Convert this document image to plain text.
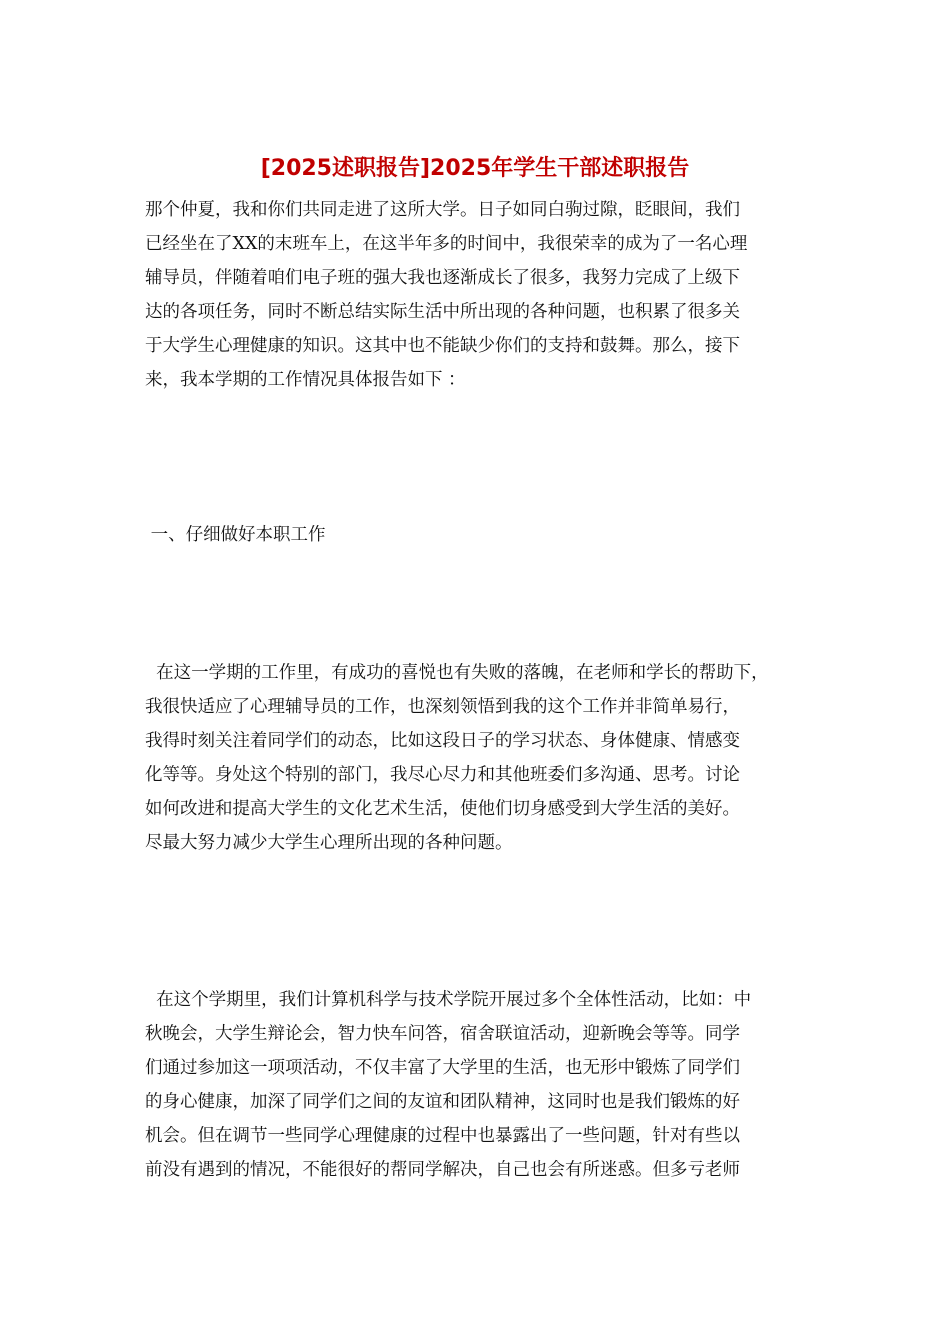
[2025述职报告]2025年学生干部述职报告
那个仲夏，我和你们共同走进了这所大学。日子如同白驹过隙，眨眼间，我们
已经坐在了XX的末班车上，在这半年多的时间中，我很荣幸的成为了一名心理
辅导员，伴随着咱们电子班的强大我也逐渐成长了很多，我努力完成了上级下
达的各项任务，同时不断总结实际生活中所出现的各种问题，也积累了很多关
于大学生心理健康的知识。这其中也不能缺少你们的支持和鼓舞。那么，接下
来，我本学期的工作情况具体报告如下 ：
一、仔细做好本职工作
在这一学期的工作里，有成功的喜悦也有失败的落魄，在老师和学长的帮助下，
我很快适应了心理辅导员的工作，也深刻领悟到我的这个工作并非简单易行，
我得时刻关注着同学们的动态，比如这段日子的学习状态、身体健康、情感变
化等等。身处这个特别的部门，我尽心尽力和其他班委们多沟通、思考。讨论
如何改进和提高大学生的文化艺术生活，使他们切身感受到大学生活的美好。
尽最大努力减少大学生心理所出现的各种问题。
在这个学期里，我们计算机科学与技术学院开展过多个全体性活动，比如：中
秋晚会，大学生辩论会，智力快车问答，宿舍联谊活动，迎新晚会等等。同学
们通过参加这一项项活动，不仅丰富了大学里的生活，也无形中锻炼了同学们
的身心健康，加深了同学们之间的友谊和团队精神，这同时也是我们锻炼的好
机会。但在调节一些同学心理健康的过程中也暴露出了一些问题，针对有些以
前没有遇到的情况，不能很好的帮同学解决，自己也会有所迷惑。但多亏老师
